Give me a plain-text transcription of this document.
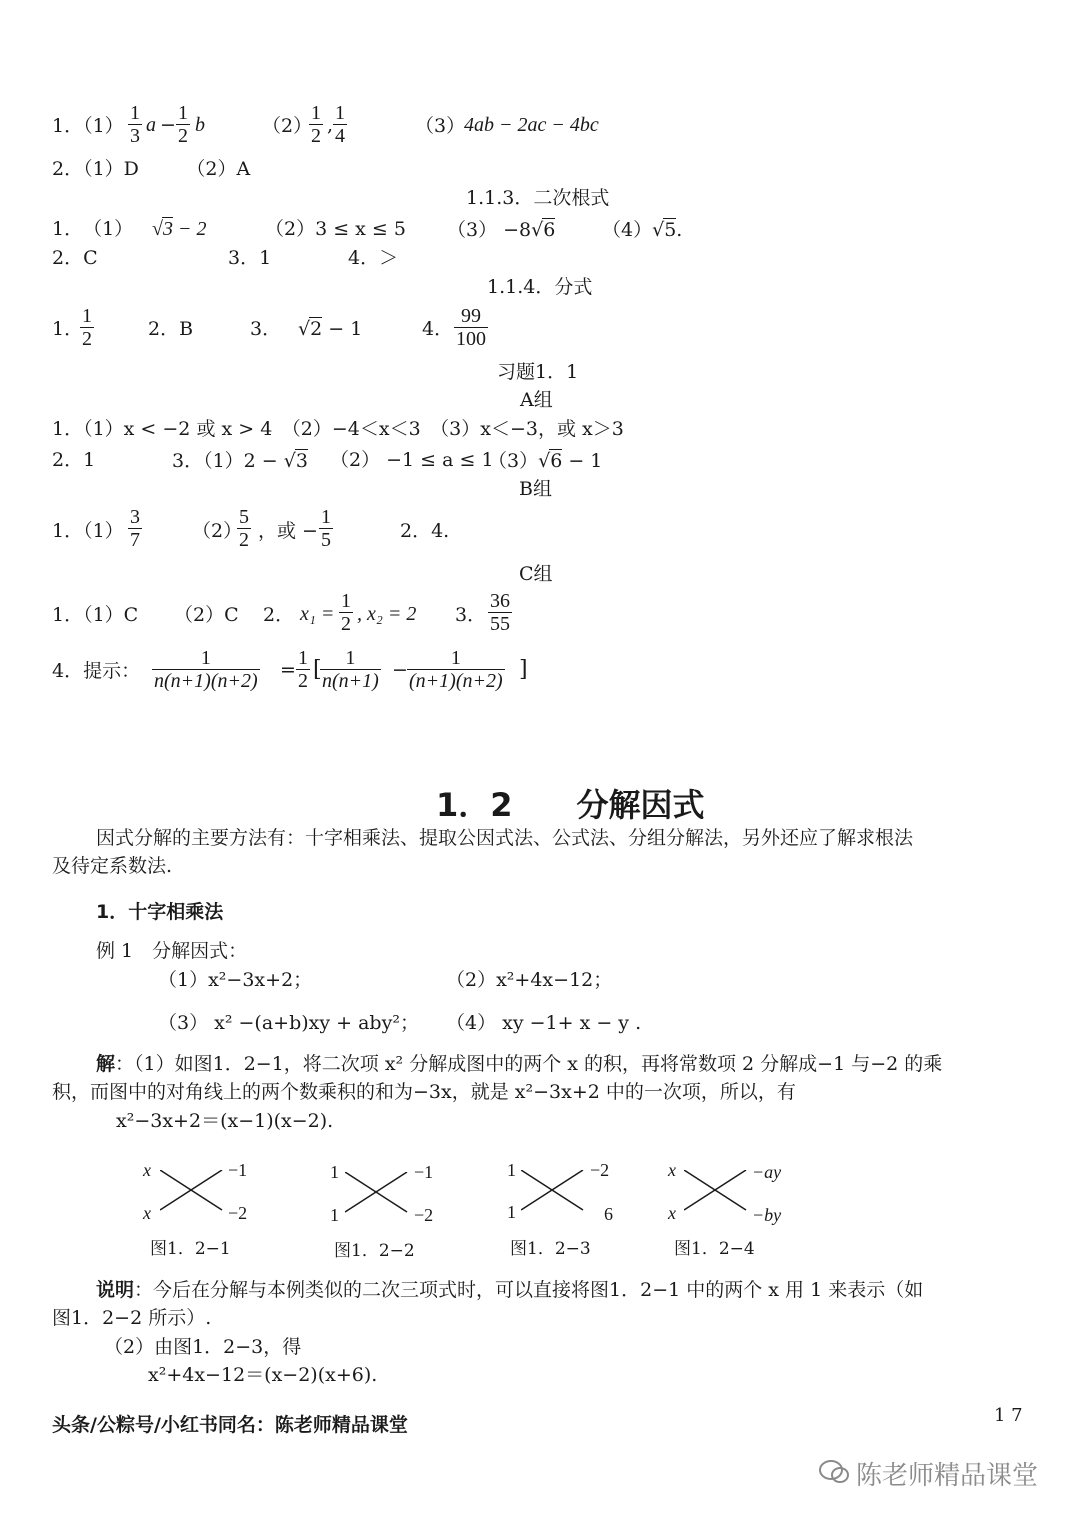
1．（1）
1
3 a −
1
2 b	（2）
1
2 ,
1
4	（3）
4ab − 2ac − 4bc
2．（1）D　　　（2）A
1.1.3．二次根式
1．　（1） √3 − 2	（2）3 ≤ x ≤ 5 （3） −8√6 （4）√5.
2．C	3．1	4．＞
1.1.4．分式
1．
1
2	2．B	3． √2 − 1	4．
99
100
习题1．1
A组
1．（1）x < −2 或 x > 4　（2）−4＜x＜3　（3）x＜−3，或 x＞3
2．1	3．（1）2 − √3 （2） −1 ≤ a ≤ 1
（3）√6 − 1
B组
1．（1）
3
7	（2）
5
2 ，或 −
1
5	2．4.
C组
1．（1）C （2）C 2． x₁ =
1
2 , x₂ = 2 3．
36
55
4．提示：
1
n(n+1)(n+2) =
1
2 [	1
n(n+1) −
1
(n+1)(n+2) ]
1．2　　分解因式
因式分解的主要方法有：十字相乘法、提取公因式法、公式法、分组分解法，另外还应了解求根法
及待定系数法.
1．十字相乘法
例 1　分解因式：
（1）x²−3x+2；	（2）x²+4x−12；
（3） x² −(a+b)xy + aby²； （4） xy −1+ x − y .
解：（1）如图1．2−1，将二次项 x² 分解成图中的两个 x 的积，再将常数项 2 分解成−1 与−2 的乘
积，而图中的对角线上的两个数乘积的和为−3x，就是 x²−3x+2 中的一次项，所以，有
x²−3x+2＝(x−1)(x−2).
x
x
−1
−2
图1．2−1
1
1
−1
−2
图1．2−2
1
1
−2
6
图1．2−3
x
x
−ay
−by
图1．2−4
说明：今后在分解与本例类似的二次三项式时，可以直接将图1．2−1 中的两个 x 用 1 来表示（如
图1．2−2 所示）.
（2）由图1．2−3，得
x²+4x−12＝(x−2)(x+6).
头条/公粽号/小红书同名：陈老师精品课堂	1 7
陈老师精品课堂
